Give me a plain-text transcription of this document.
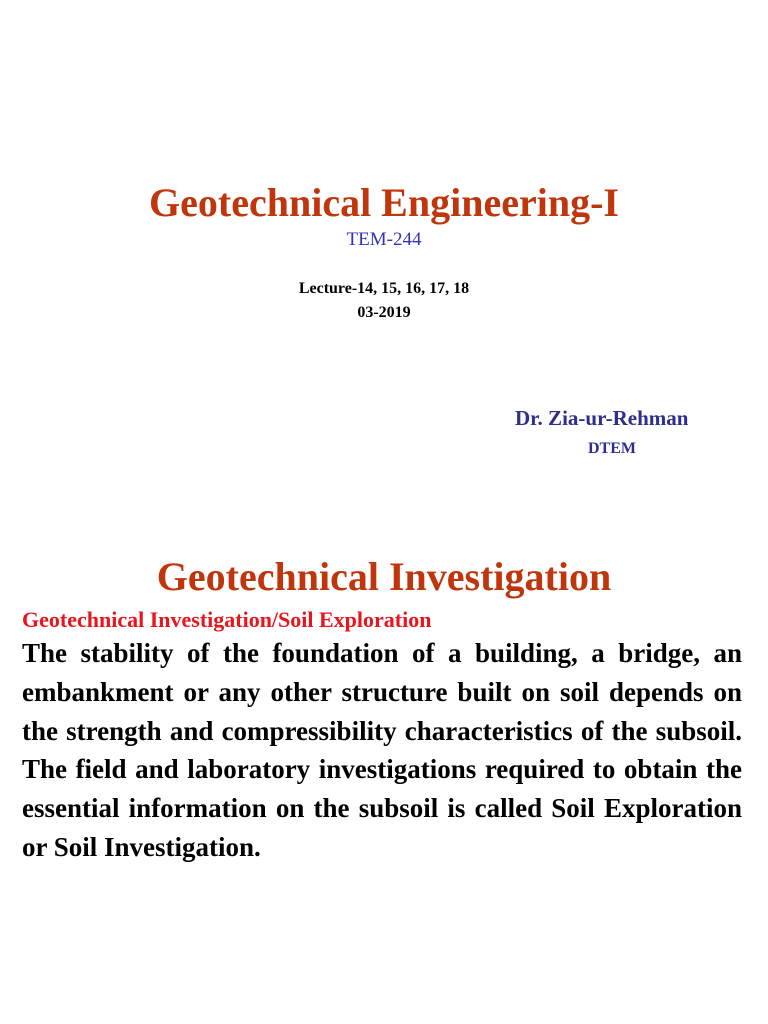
Geotechnical Engineering-I
TEM-244
Lecture-14, 15, 16, 17, 18
03-2019
Dr. Zia-ur-Rehman
DTEM
Geotechnical Investigation
Geotechnical Investigation/Soil Exploration

The stability of the foundation of a building, a bridge, an embankment or any other structure built on soil depends on the strength and compressibility characteristics of the subsoil. The field and laboratory investigations required to obtain the essential information on the subsoil is called Soil Exploration or Soil Investigation.
